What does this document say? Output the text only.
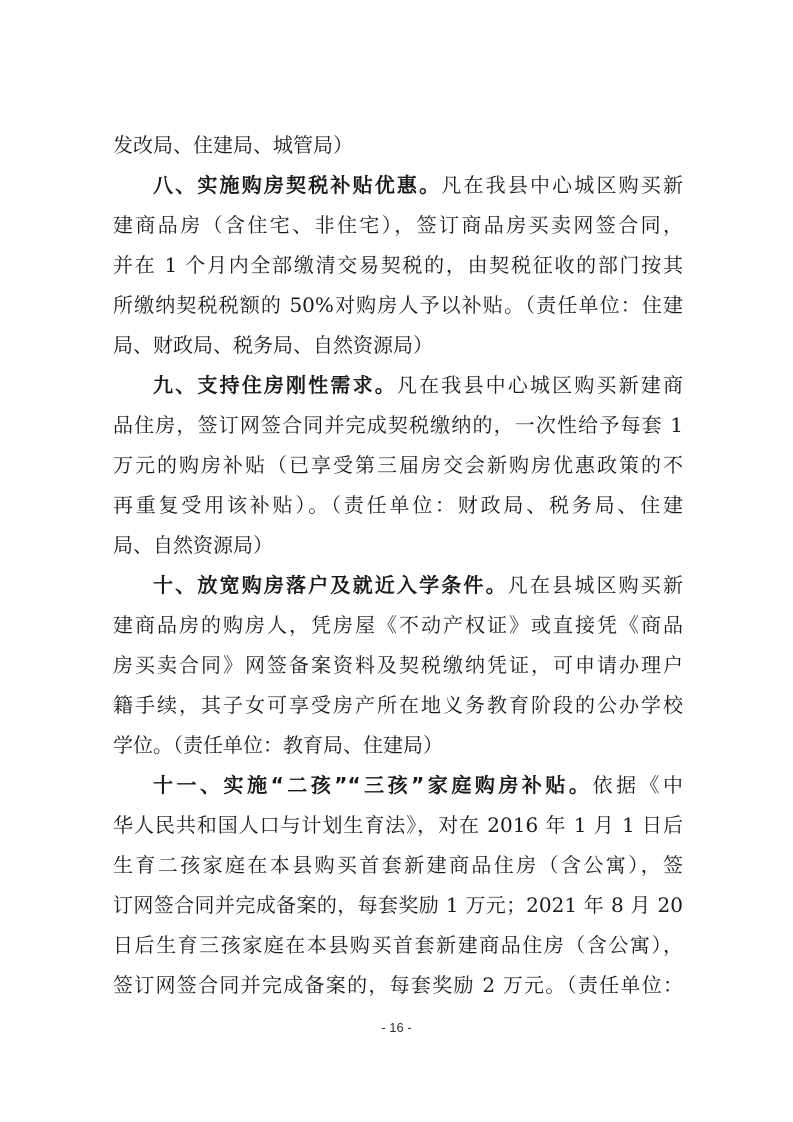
发改局、住建局、城管局）
八、实施购房契税补贴优惠。凡在我县中心城区购买新
建商品房（含住宅、非住宅），签订商品房买卖网签合同，
并在 1 个月内全部缴清交易契税的，由契税征收的部门按其
所缴纳契税税额的 50%对购房人予以补贴。（责任单位：住建
局、财政局、税务局、自然资源局）
九、支持住房刚性需求。凡在我县中心城区购买新建商
品住房，签订网签合同并完成契税缴纳的，一次性给予每套 1
万元的购房补贴（已享受第三届房交会新购房优惠政策的不
再重复受用该补贴）。（责任单位：财政局、税务局、住建
局、自然资源局）
十、放宽购房落户及就近入学条件。凡在县城区购买新
建商品房的购房人，凭房屋《不动产权证》或直接凭《商品
房买卖合同》网签备案资料及契税缴纳凭证，可申请办理户
籍手续，其子女可享受房产所在地义务教育阶段的公办学校
学位。（责任单位：教育局、住建局）
十一、实施“二孩”“三孩”家庭购房补贴。依据《中
华人民共和国人口与计划生育法》，对在 2016 年 1 月 1 日后
生育二孩家庭在本县购买首套新建商品住房（含公寓），签
订网签合同并完成备案的，每套奖励 1 万元；2021 年 8 月 20
日后生育三孩家庭在本县购买首套新建商品住房（含公寓），
签订网签合同并完成备案的，每套奖励 2 万元。（责任单位：
- 16 -
